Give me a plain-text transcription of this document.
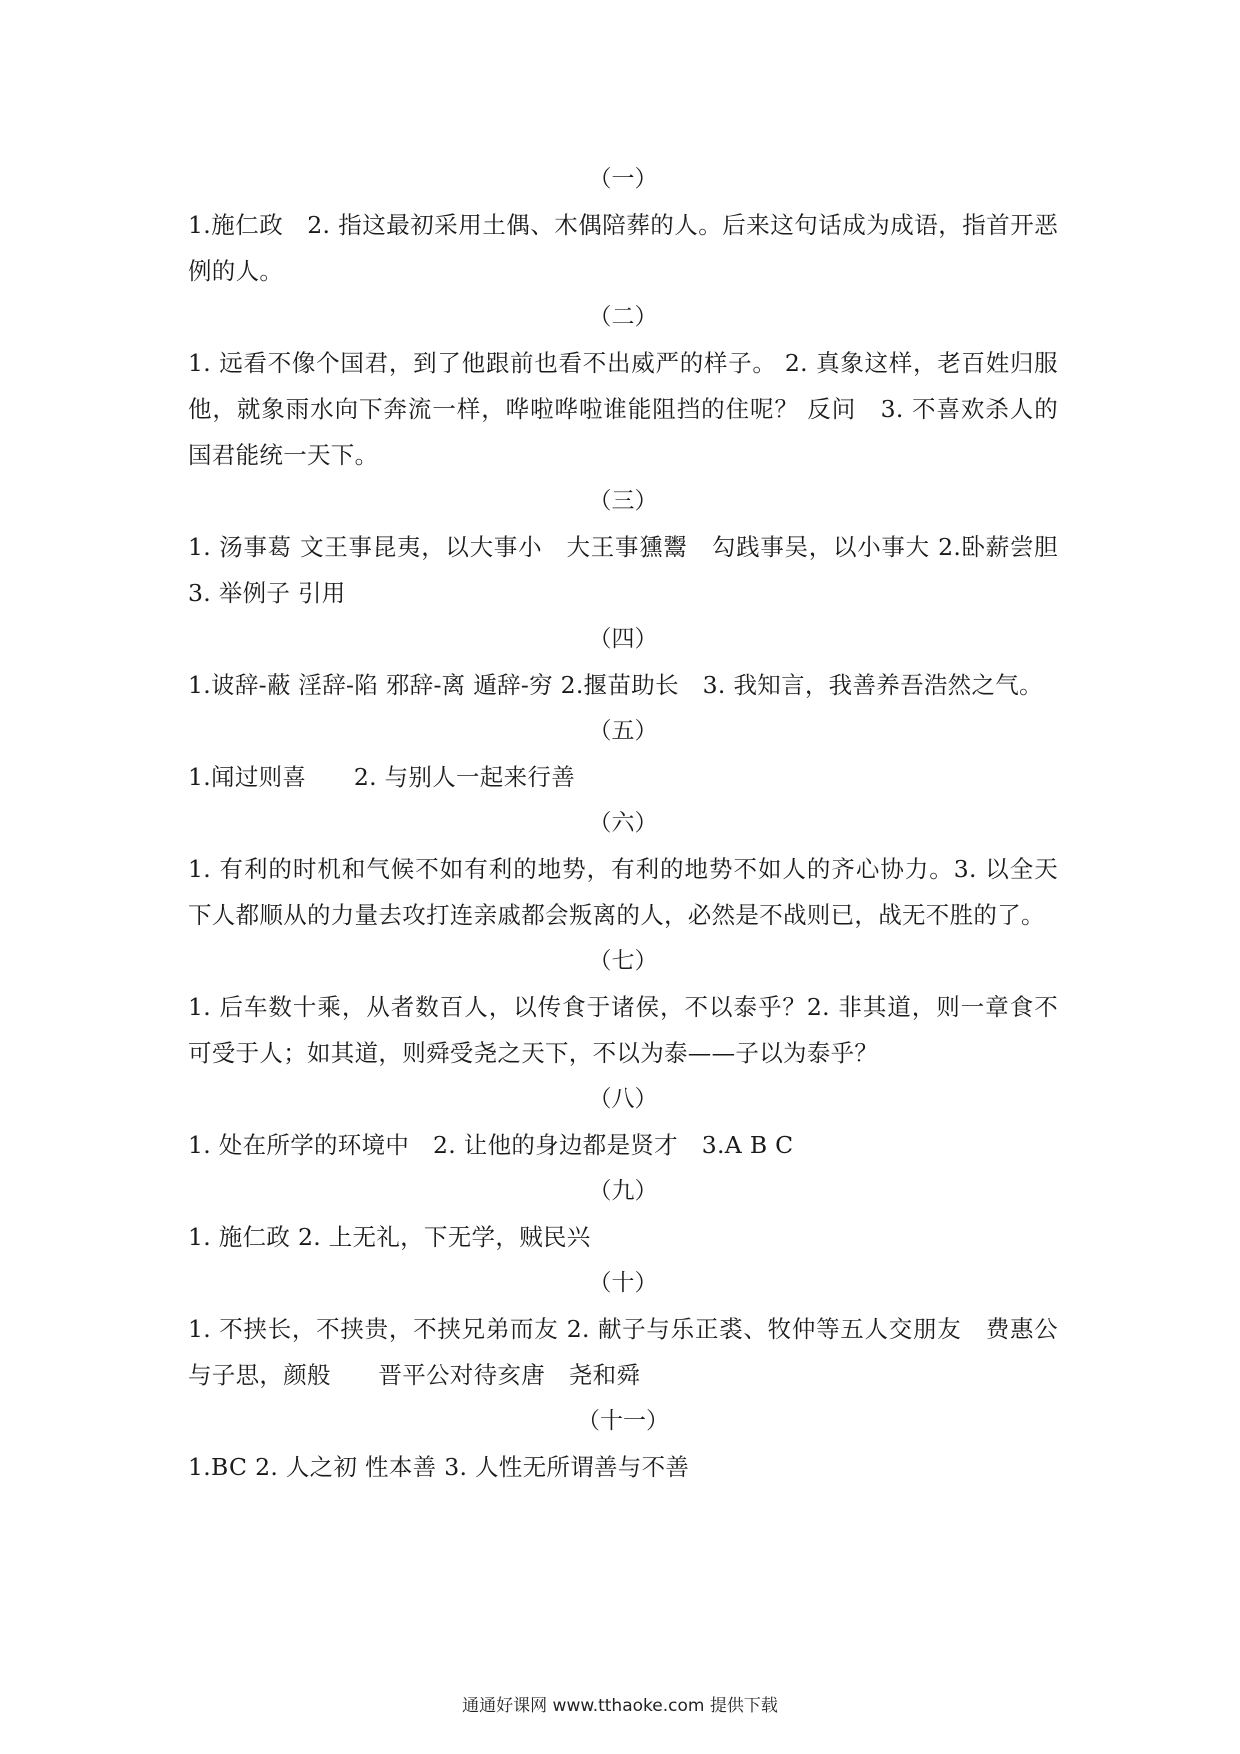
（一）

1.施仁政　2. 指这最初采用土偶、木偶陪葬的人。后来这句话成为成语，指首开恶例的人。

（二）

1. 远看不像个国君，到了他跟前也看不出威严的样子。 2. 真象这样，老百姓归服他，就象雨水向下奔流一样，哗啦哗啦谁能阻挡的住呢？ 反问　3. 不喜欢杀人的国君能统一天下。

（三）

1. 汤事葛 文王事昆夷，以大事小　大王事獯鬻　勾践事吴，以小事大 2.卧薪尝胆　3. 举例子 引用

（四）

1.诐辞-蔽 淫辞-陷 邪辞-离 遁辞-穷 2.揠苗助长　3. 我知言，我善养吾浩然之气。

（五）

1.闻过则喜　　2. 与别人一起来行善

（六）

1. 有利的时机和气候不如有利的地势，有利的地势不如人的齐心协力。3. 以全天下人都顺从的力量去攻打连亲戚都会叛离的人，必然是不战则已，战无不胜的了。

（七）

1. 后车数十乘，从者数百人，以传食于诸侯，不以泰乎？2. 非其道，则一章食不可受于人；如其道，则舜受尧之天下，不以为泰——子以为泰乎？

（八）

1. 处在所学的环境中　2. 让他的身边都是贤才　3.A B C

（九）

1. 施仁政 2. 上无礼，下无学，贼民兴

（十）

1. 不挟长，不挟贵，不挟兄弟而友 2. 献子与乐正裘、牧仲等五人交朋友　费惠公与子思，颜般　　晋平公对待亥唐　尧和舜

（十一）

1.BC 2. 人之初 性本善 3. 人性无所谓善与不善

通通好课网 www.tthaoke.com 提供下载
